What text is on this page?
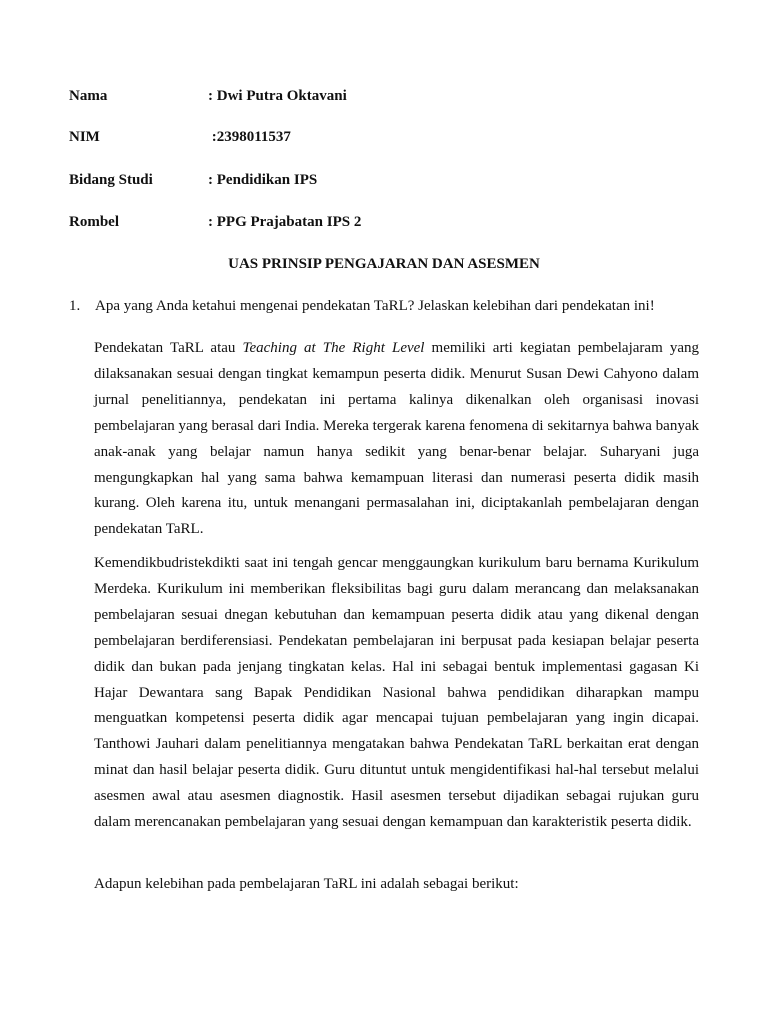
Nama	: Dwi Putra Oktavani
NIM	:2398011537
Bidang Studi	: Pendidikan IPS
Rombel	: PPG Prajabatan IPS 2
UAS PRINSIP PENGAJARAN DAN ASESMEN
1. Apa yang Anda ketahui mengenai pendekatan TaRL? Jelaskan kelebihan dari pendekatan ini!

Pendekatan TaRL atau Teaching at The Right Level memiliki arti kegiatan pembelajaram yang dilaksanakan sesuai dengan tingkat kemampun peserta didik. Menurut Susan Dewi Cahyono dalam jurnal penelitiannya, pendekatan ini pertama kalinya dikenalkan oleh organisasi inovasi pembelajaran yang berasal dari India. Mereka tergerak karena fenomena di sekitarnya bahwa banyak anak-anak yang belajar namun hanya sedikit yang benar-benar belajar. Suharyani juga mengungkapkan hal yang sama bahwa kemampuan literasi dan numerasi peserta didik masih kurang. Oleh karena itu, untuk menangani permasalahan ini, diciptakanlah pembelajaran dengan pendekatan TaRL.

Kemendikbudristekdikti saat ini tengah gencar menggaungkan kurikulum baru bernama Kurikulum Merdeka. Kurikulum ini memberikan fleksibilitas bagi guru dalam merancang dan melaksanakan pembelajaran sesuai dnegan kebutuhan dan kemampuan peserta didik atau yang dikenal dengan pembelajaran berdiferensiasi. Pendekatan pembelajaran ini berpusat pada kesiapan belajar peserta didik dan bukan pada jenjang tingkatan kelas. Hal ini sebagai bentuk implementasi gagasan Ki Hajar Dewantara sang Bapak Pendidikan Nasional bahwa pendidikan diharapkan mampu menguatkan kompetensi peserta didik agar mencapai tujuan pembelajaran yang ingin dicapai. Tanthowi Jauhari dalam penelitiannya mengatakan bahwa Pendekatan TaRL berkaitan erat dengan minat dan hasil belajar peserta didik. Guru dituntut untuk mengidentifikasi hal-hal tersebut melalui asesmen awal atau asesmen diagnostik. Hasil asesmen tersebut dijadikan sebagai rujukan guru dalam merencanakan pembelajaran yang sesuai dengan kemampuan dan karakteristik peserta didik.

Adapun kelebihan pada pembelajaran TaRL ini adalah sebagai berikut:
